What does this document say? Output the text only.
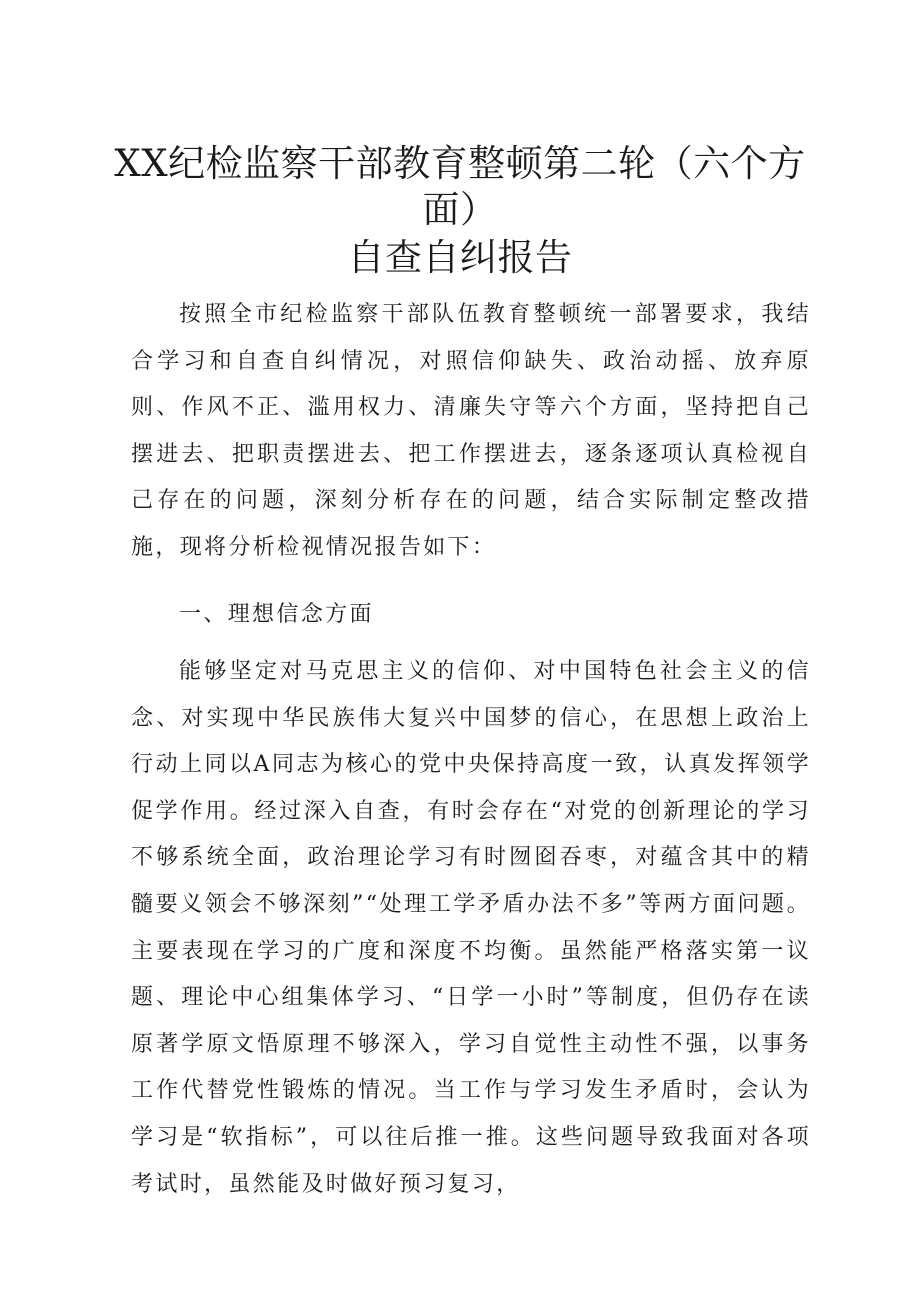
XX纪检监察干部教育整顿第二轮（六个方
面）
自查自纠报告

按照全市纪检监察干部队伍教育整顿统一部署要求，我结合学习和自查自纠情况，对照信仰缺失、政治动摇、放弃原则、作风不正、滥用权力、清廉失守等六个方面，坚持把自己摆进去、把职责摆进去、把工作摆进去，逐条逐项认真检视自己存在的问题，深刻分析存在的问题，结合实际制定整改措施，现将分析检视情况报告如下：

一、理想信念方面

能够坚定对马克思主义的信仰、对中国特色社会主义的信念、对实现中华民族伟大复兴中国梦的信心，在思想上政治上行动上同以A同志为核心的党中央保持高度一致，认真发挥领学促学作用。经过深入自查，有时会存在“对党的创新理论的学习不够系统全面，政治理论学习有时囫囵吞枣，对蕴含其中的精髓要义领会不够深刻”“处理工学矛盾办法不多”等两方面问题。主要表现在学习的广度和深度不均衡。虽然能严格落实第一议题、理论中心组集体学习、“日学一小时”等制度，但仍存在读原著学原文悟原理不够深入，学习自觉性主动性不强，以事务工作代替党性锻炼的情况。当工作与学习发生矛盾时，会认为学习是“软指标”，可以往后推一推。这些问题导致我面对各项考试时，虽然能及时做好预习复习，
